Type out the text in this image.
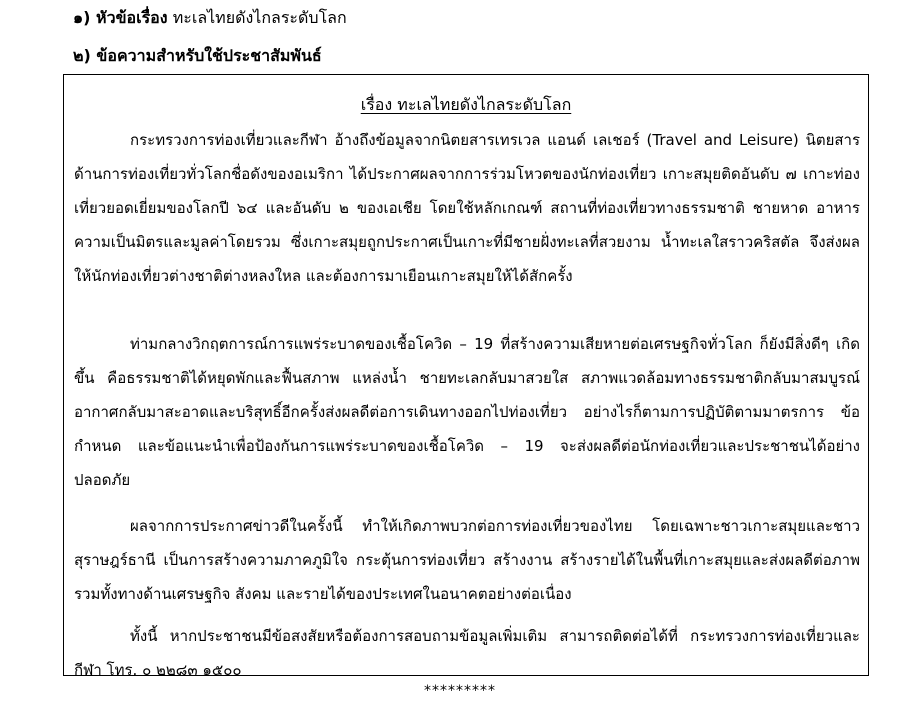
๑) หัวข้อเรื่อง ทะเลไทยดังไกลระดับโลก
๒) ข้อความสำหรับใช้ประชาสัมพันธ์
เรื่อง ทะเลไทยดังไกลระดับโลก

กระทรวงการท่องเที่ยวและกีฬา อ้างถึงข้อมูลจากนิตยสารเทรเวล แอนด์ เลเชอร์ (Travel and Leisure) นิตยสารด้านการท่องเที่ยวทั่วโลกชื่อดังของอเมริกา ได้ประกาศผลจากการร่วมโหวตของนักท่องเที่ยว เกาะสมุยติดอันดับ ๗ เกาะท่องเที่ยวยอดเยี่ยมของโลกปี ๖๔ และอันดับ ๒ ของเอเชีย โดยใช้หลักเกณฑ์ สถานที่ท่องเที่ยวทางธรรมชาติ ชายหาด อาหาร ความเป็นมิตรและมูลค่าโดยรวม ซึ่งเกาะสมุยถูกประกาศเป็นเกาะที่มีชายฝั่งทะเลที่สวยงาม น้ำทะเลใสราวคริสตัล จึงส่งผลให้นักท่องเที่ยวต่างชาติต่างหลงใหล และต้องการมาเยือนเกาะสมุยให้ได้สักครั้ง

ท่ามกลางวิกฤตการณ์การแพร่ระบาดของเชื้อโควิด – 19 ที่สร้างความเสียหายต่อเศรษฐกิจทั่วโลก ก็ยังมีสิ่งดีๆ เกิดขึ้น คือธรรมชาติได้หยุดพักและฟื้นสภาพ แหล่งน้ำ ชายทะเลกลับมาสวยใส สภาพแวดล้อมทางธรรมชาติกลับมาสมบูรณ์ อากาศกลับมาสะอาดและบริสุทธิ์อีกครั้งส่งผลดีต่อการเดินทางออกไปท่องเที่ยว อย่างไรก็ตามการปฏิบัติตามมาตรการ ข้อกำหนด และข้อแนะนำเพื่อป้องกันการแพร่ระบาดของเชื้อโควิด – 19 จะส่งผลดีต่อนักท่องเที่ยวและประชาชนได้อย่างปลอดภัย

ผลจากการประกาศข่าวดีในครั้งนี้ ทำให้เกิดภาพบวกต่อการท่องเที่ยวของไทย โดยเฉพาะชาวเกาะสมุยและชาวสุราษฎร์ธานี เป็นการสร้างความภาคภูมิใจ กระตุ้นการท่องเที่ยว สร้างงาน สร้างรายได้ในพื้นที่เกาะสมุยและส่งผลดีต่อภาพรวมทั้งทางด้านเศรษฐกิจ สังคม และรายได้ของประเทศในอนาคตอย่างต่อเนื่อง

ทั้งนี้ หากประชาชนมีข้อสงสัยหรือต้องการสอบถามข้อมูลเพิ่มเติม สามารถติดต่อได้ที่ กระทรวงการท่องเที่ยวและกีฬา โทร. ๐ ๒๒๘๓ ๑๕๐๐

*********
